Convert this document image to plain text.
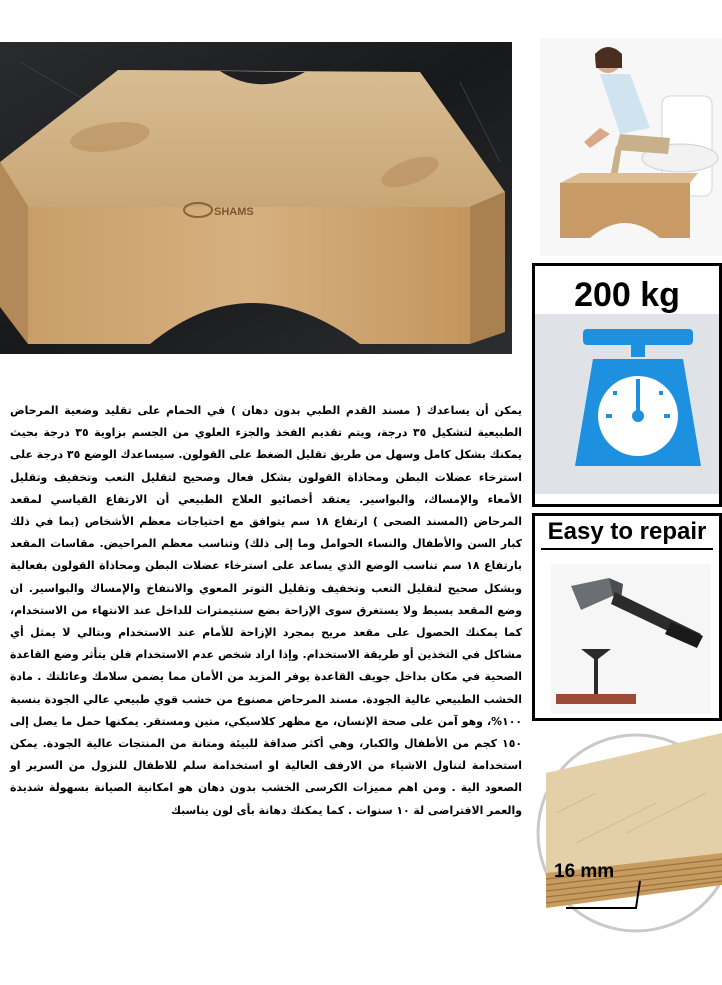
SHAMS
200 kg
Easy to repair
16 mm
يمكن أن يساعدك ( مسند القدم الطبي بدون دهان ) في الحمام على تقليد وضعية المرحاض الطبيعية لتشكيل ٣٥ درجة، ويتم تقديم الفخذ والجزء العلوي من الجسم بزاوية ٣٥ درجة بحيث يمكنك بشكل كامل وسهل من طريق تقليل الضغط على القولون. سيساعدك الوضع ٣٥ درجة على استرخاء عضلات البطن ومحاذاة القولون بشكل فعال وصحيح لتقليل التعب وتخفيف وتقليل الأمعاء والإمساك، والبواسير. يعتقد أخصائيو العلاج الطبيعي أن الارتفاع القياسي لمقعد المرحاض (المسند الصحى ) ارتفاع ١٨ سم يتوافق مع احتياجات معظم الأشخاص (بما في ذلك كبار السن والأطفال والنساء الحوامل وما إلى ذلك) وتناسب معظم المراحيض. مقاسات المقعد بارتفاع ١٨ سم تناسب الوضع الذي يساعد على استرخاء عضلات البطن ومحاذاة القولون بفعالية وبشكل صحيح لتقليل التعب وتخفيف وتقليل التوتر المعوي والانتفاخ والإمساك والبواسير. ان وضع المقعد بسيط ولا يستغرق سوى الإزاحة بضع سنتيمترات للداخل عند الانتهاء من الاستخدام، كما يمكنك الحصول على مقعد مريح بمجرد الإزاحة للأمام عند الاستخدام وبتالي لا يمثل أي مشاكل في التخذين أو طريقة الاستخدام. وإذا اراد شخص عدم الاستخدام فلن يتأثر وضع القاعدة الصحية في مكان بداخل جويف القاعدة يوفر المزيد من الأمان مما يضمن سلامك وعائلتك . مادة الخشب الطبيعي عالية الجودة. مسند المرحاض مصنوع من خشب قوي طبيعي عالي الجودة بنسبة ١٠٠%، وهو آمن على صحة الإنسان، مع مظهر كلاسيكي، متين ومستقر. يمكنها حمل ما يصل إلى ١٥٠ كجم من الأطفال والكبار، وهي أكثر صداقة للبيئة ومتانة من المنتجات عالية الجودة. يمكن استخدامة لتناول الاشياء من الارفف العالية او استخدامة سلم للاطفال للنزول من السرير او الصعود الية . ومن اهم مميزات الكرسى الخشب بدون دهان هو امكانية الصيانة بسهولة شديدة والعمر الافتراضى لة ١٠ سنوات . كما يمكنك دهانة بأى لون يناسبك
